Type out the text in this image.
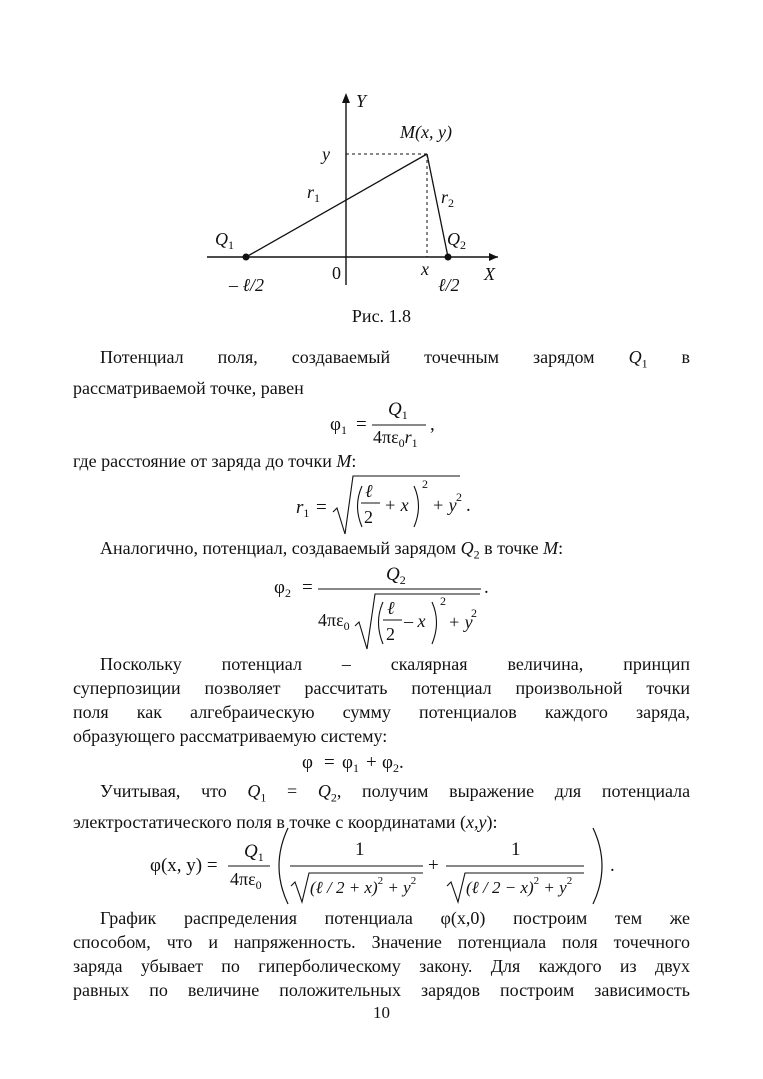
Y
X
M(x, y)
y
$r_1$	$r_2$
$Q_1$	$Q_2$
0	x
– ℓ/2	ℓ/2
Рис. 1.8

Потенциал поля, создаваемый точечным зарядом $Q_1$ в

рассматриваемой точке, равен

$\varphi_1$ =
$Q_1$
$4\pi\varepsilon_0r_1$
,

где расстояние от заряда до точки M:

$r_1$ =
ℓ
2
+ x
2
+ y 2 .

Аналогично, потенциал, создаваемый зарядом $Q_2$ в точке M:

$\varphi_2$ =
$Q_2$	.
$4\pi\varepsilon_0$
ℓ
2
– x
2
+ y
2

Поскольку потенциал – скалярная величина, принцип

суперпозиции позволяет рассчитать потенциал произвольной точки

поля как алгебраическую сумму потенциалов каждого заряда,

образующего рассматриваемую систему:

$\varphi = \varphi_1 + \varphi_2$.

Учитывая, что $Q_1 = Q_2$, получим выражение для потенциала

электростатического поля в точке с координатами (x,y):

φ(x, y) =
$Q_1$
$4\pi\varepsilon_0$
1
(ℓ / $2 + x)^2 + y^2$
+
1
(ℓ / $2 - x)^2 + y^2$
.

График распределения потенциала φ(x,0) построим тем же

способом, что и напряженность. Значение потенциала поля точечного

заряда убывает по гиперболическому закону. Для каждого из двух

равных по величине положительных зарядов построим зависимость

10
